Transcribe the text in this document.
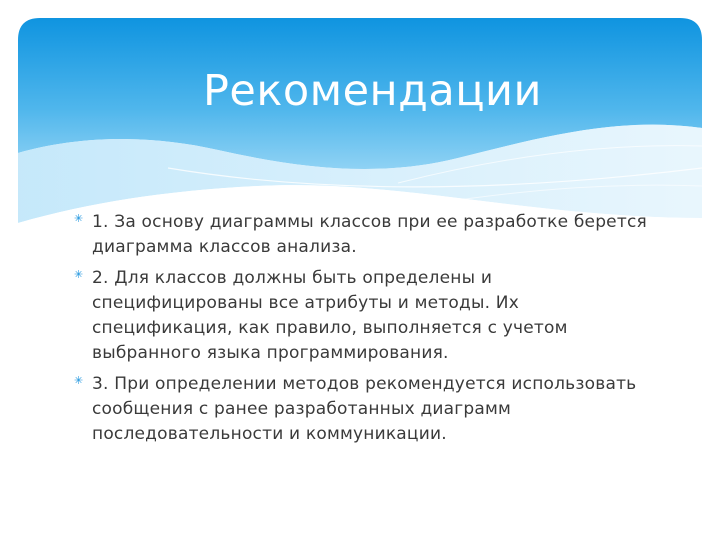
Рекомендации
✳ 1. За основу диаграммы классов при ее разработке берется диаграмма классов анализа.
✳ 2. Для классов должны быть определены и специфицированы все атрибуты и методы. Их спецификация, как правило, выполняется с учетом выбранного языка программирования.
✳ 3. При определении методов рекомендуется использовать сообщения с ранее разработанных диаграмм последовательности и коммуникации.
